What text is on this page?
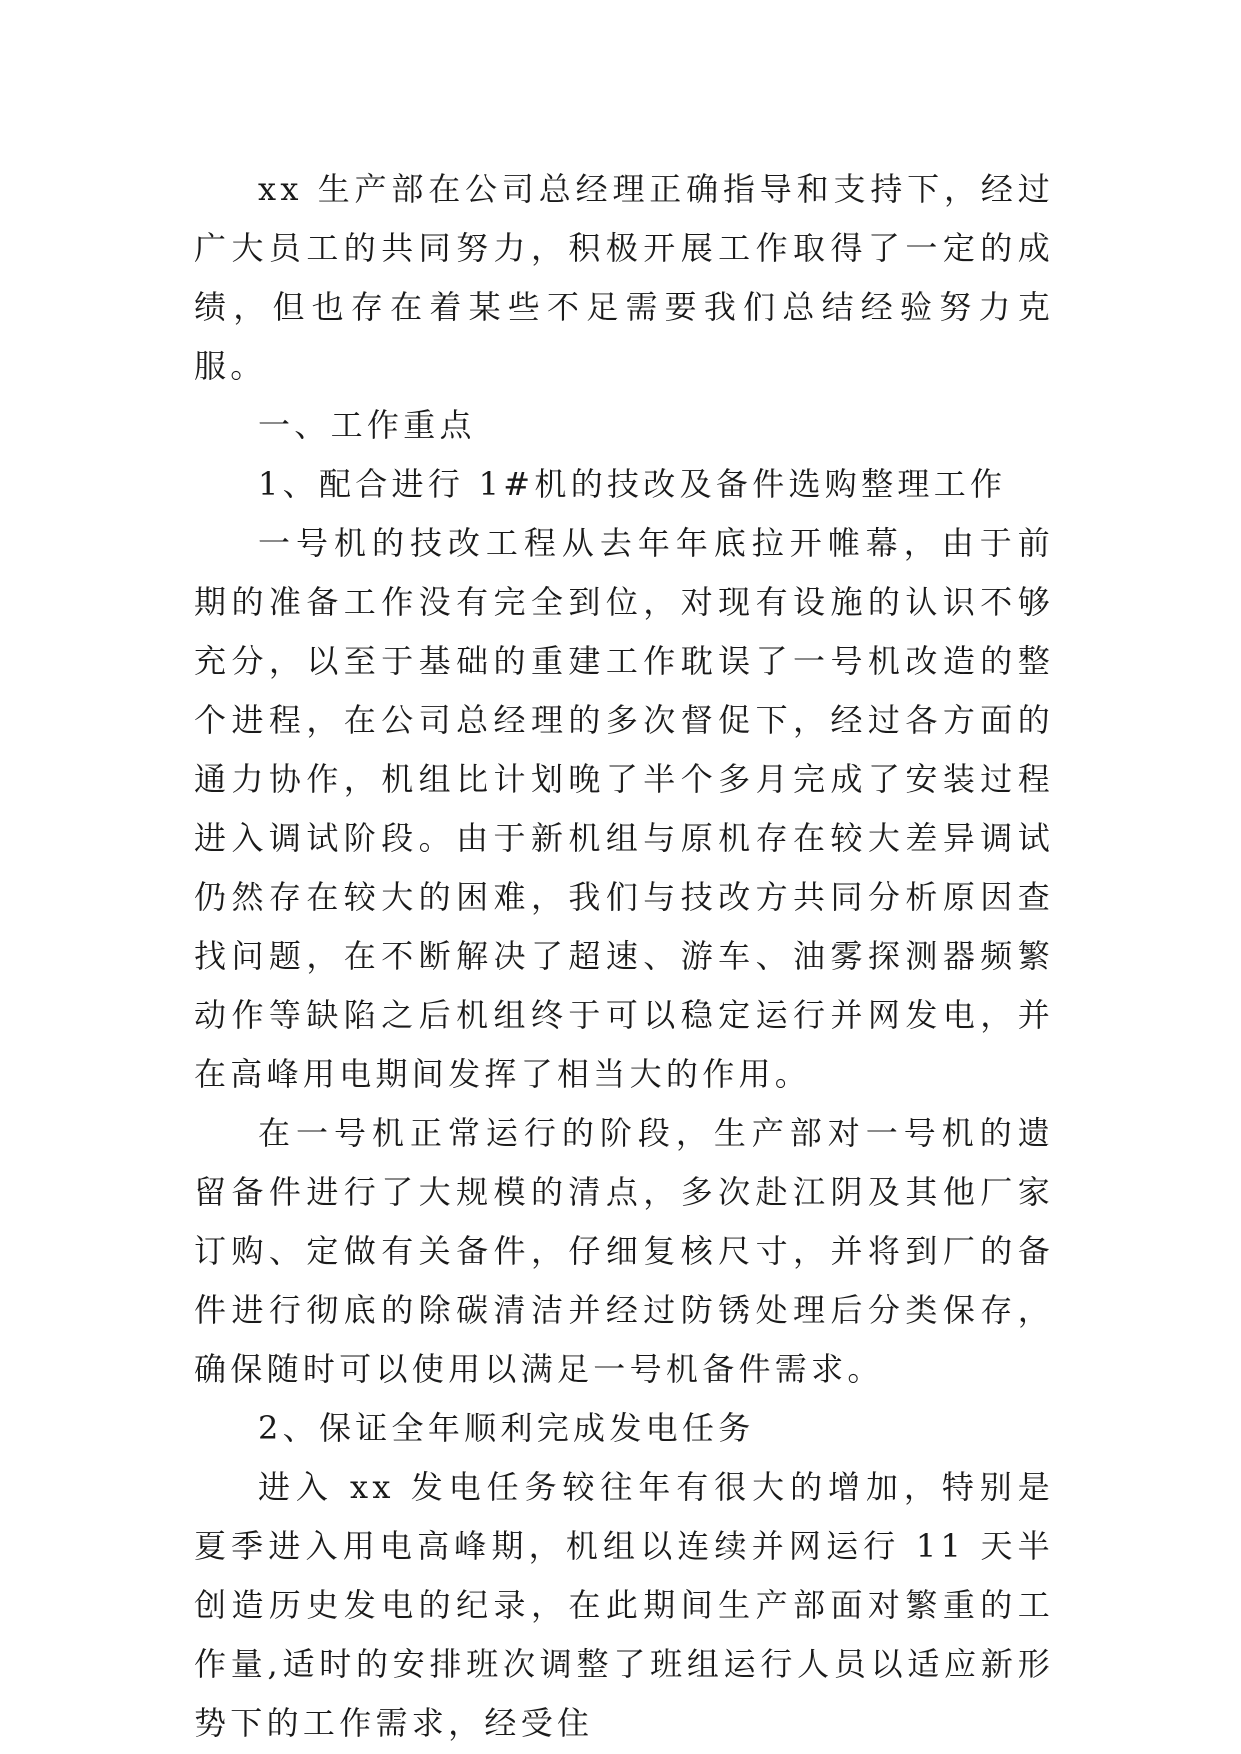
xx 生产部在公司总经理正确指导和支持下，经过广大员工的共同努力，积极开展工作取得了一定的成绩，但也存在着某些不足需要我们总结经验努力克服。

一、工作重点

1、配合进行 1#机的技改及备件选购整理工作

一号机的技改工程从去年年底拉开帷幕，由于前期的准备工作没有完全到位，对现有设施的认识不够充分，以至于基础的重建工作耽误了一号机改造的整个进程，在公司总经理的多次督促下，经过各方面的通力协作，机组比计划晚了半个多月完成了安装过程进入调试阶段。由于新机组与原机存在较大差异调试仍然存在较大的困难，我们与技改方共同分析原因查找问题，在不断解决了超速、游车、油雾探测器频繁动作等缺陷之后机组终于可以稳定运行并网发电，并在高峰用电期间发挥了相当大的作用。

在一号机正常运行的阶段，生产部对一号机的遗留备件进行了大规模的清点，多次赴江阴及其他厂家订购、定做有关备件，仔细复核尺寸，并将到厂的备件进行彻底的除碳清洁并经过防锈处理后分类保存，确保随时可以使用以满足一号机备件需求。

2、保证全年顺利完成发电任务

进入 xx 发电任务较往年有很大的增加，特别是夏季进入用电高峰期，机组以连续并网运行 11 天半创造历史发电的纪录，在此期间生产部面对繁重的工作量,适时的安排班次调整了班组运行人员以适应新形势下的工作需求，经受住
